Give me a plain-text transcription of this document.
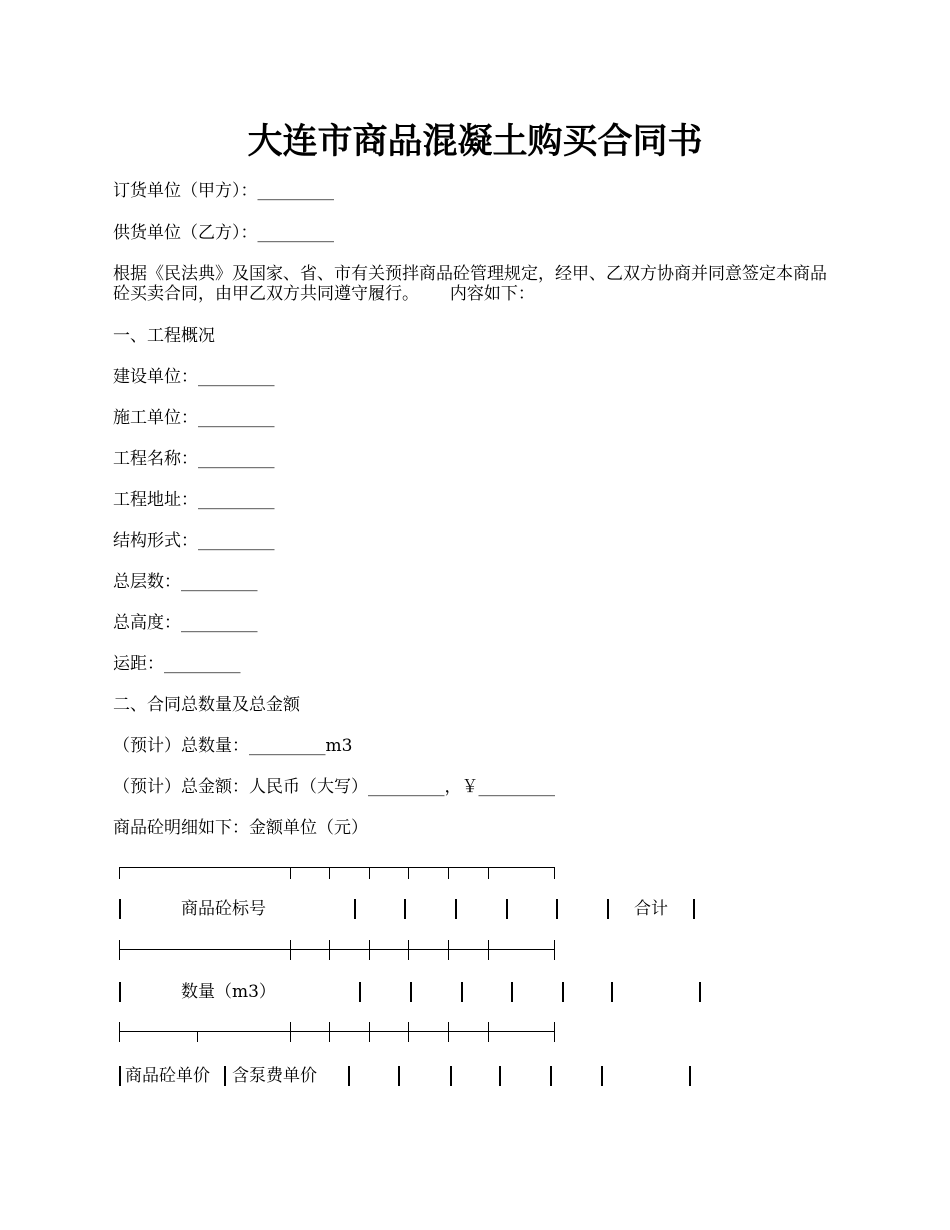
大连市商品混凝土购买合同书
订货单位（甲方）：_________
供货单位（乙方）：_________
根据《民法典》及国家、省、市有关预拌商品砼管理规定，经甲、乙双方协商并同意签定本商品砼买卖合同，由甲乙双方共同遵守履行。　　 内容如下：
一、工程概况
建设单位：_________
施工单位：_________
工程名称：_________
工程地址：_________
结构形式：_________
总层数：_________
总高度：_________
运距：_________
二、合同总数量及总金额
（预计）总数量：_________m3
（预计）总金额：人民币（大写）_________，￥_________
商品砼明细如下：金额单位（元）
商品砼标号	合计
数量（m3）
商品砼单价 含泵费单价
